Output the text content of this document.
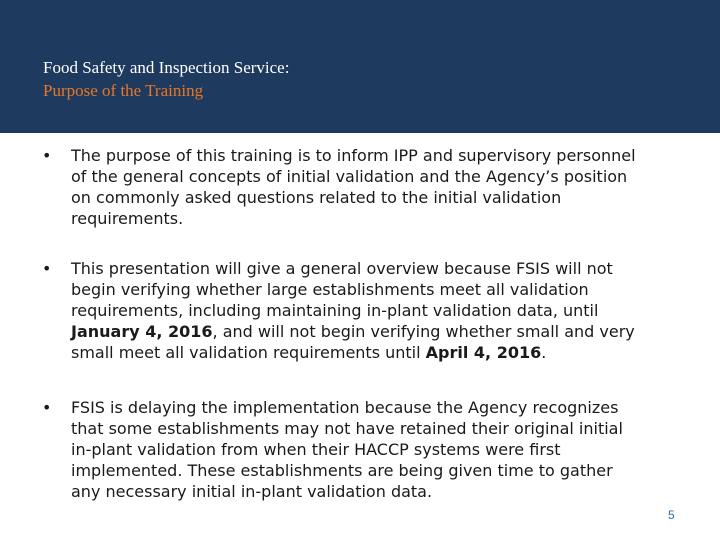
Food Safety and Inspection Service:
Purpose of the Training
• The purpose of this training is to inform IPP and supervisory personnel
of the general concepts of initial validation and the Agency’s position
on commonly asked questions related to the initial validation
requirements.
• This presentation will give a general overview because FSIS will not
begin verifying whether large establishments meet all validation
requirements, including maintaining in-plant validation data, until
January 4, 2016, and will not begin verifying whether small and very
small meet all validation requirements until April 4, 2016.
• FSIS is delaying the implementation because the Agency recognizes
that some establishments may not have retained their original initial
in-plant validation from when their HACCP systems were first
implemented. These establishments are being given time to gather
any necessary initial in-plant validation data.
5
